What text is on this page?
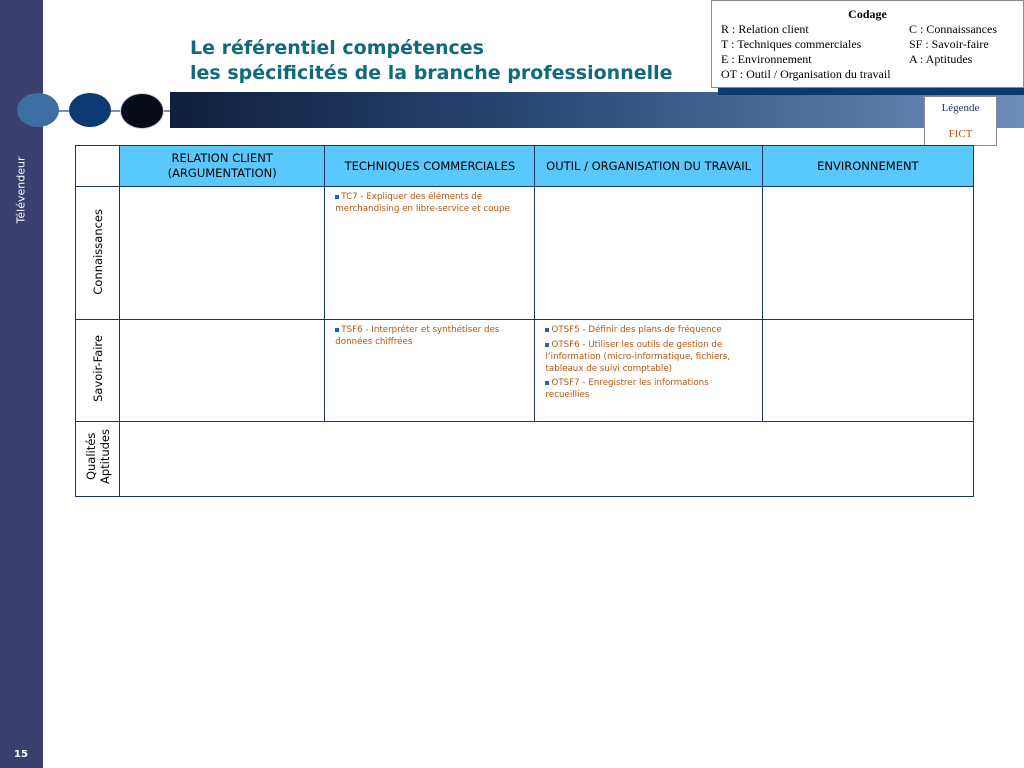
Télévendeur
15
Le référentiel compétences
les spécificités de la branche professionnelle
Codage
R : Relation client
T : Techniques commerciales
E : Environnement
OT : Outil / Organisation du travail
C : Connaissances
SF : Savoir-faire
A : Aptitudes
Légende
FICT
	RELATION CLIENT (ARGUMENTATION)	TECHNIQUES COMMERCIALES	OUTIL / ORGANISATION DU TRAVAIL	ENVIRONNEMENT
Connaissances		TC7 - Expliquer des éléments de merchandising en libre-service et coupe		

Savoir-Faire		TSF6 - Interpréter et synthétiser des données chiffrées	OTSF5 - Définir des plans de fréquence

OTSF6 - Utiliser les outils de gestion de l’information (micro-informatique, fichiers, tableaux de suivi comptable)

OTSF7 - Enregistrer les informations recueillies	

Qualités
Aptitudes				
